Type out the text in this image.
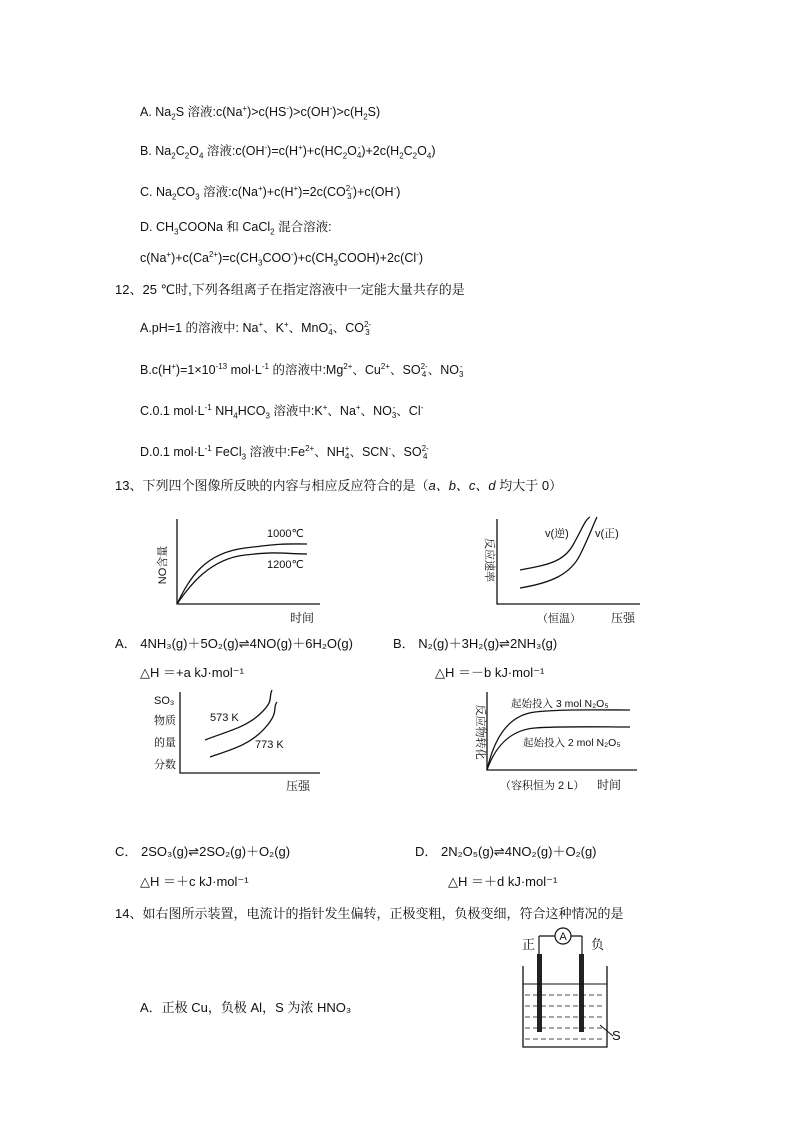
A. $Na_2S$ 溶液$:c(Na^+)>c(HS^-)>c(OH^-)>c(H_2S)$
B. $Na_2C_2O_4$ 溶液$:c(OH^-)=c(H^+)+c(HC_2O-$
$4)+2c(H_2C_2O_4)$
C. $Na_2CO_3$ 溶液:c(Na+)+c(H+)=2c(CO2-
3)+c(OH-)
D. $CH_3COONa$ 和 CaCl$_2$ 混合溶液:
$c(Na^+)+c(Ca^{2+})=c(CH_3COO^-)+c(CH_3COOH)+2c(Cl^-)$
12、25 ℃时,下列各组离子在指定溶液中一定能大量共存的是
A.pH=1 的溶液中: Na+、K+、MnO-
4、CO2-
3
$B.c(H^+)=1\times 10^{-13}$ $mol\cdot L^{-1}$ 的溶液中$:Mg^{2+}$、$Cu^{2+}$、SO2-
4、NO-
3
C.0.1 $mol\cdot L^{-1}$ $NH_4HCO_3$ 溶液中:K+、Na+、NO-
3、Cl-
D.0.1 $mol\cdot L^{-1}$ FeCl$_3$ 溶液中$:Fe^{2+}$、NH+
4、SCN-、SO2-
4
13、下列四个图像所反映的内容与相应反应符合的是（a、b、c、d 均大于 0）
1000℃
1200℃
NO含量
时间
v(逆) v(正)
反应速率
（恒温）	压强
A． 4NH₃(g)＋5O₂(g)⇌4NO(g)＋6H₂O(g)	B． N₂(g)＋3H₂(g)⇌2NH₃(g)
△H ＝+a kJ·mol⁻¹	△H ＝－b kJ·mol⁻¹
573 K
773 K
SO₃
物质
的量
分数
压强
起始投入 3 mol N₂O₅
起始投入 2 mol N₂O₅
反应物转化
（容积恒为 2 L） 时间
C． 2SO₃(g)⇌2SO₂(g)＋O₂(g)	D． 2N₂O₅(g)⇌4NO₂(g)＋O₂(g)
△H ＝＋c kJ·mol⁻¹	△H ＝＋d kJ·mol⁻¹
14、如右图所示装置，电流计的指针发生偏转，正极变粗，负极变细，符合这种情况的是
A．正极 Cu，负极 Al，S 为浓 HNO₃
正	负
A
S
